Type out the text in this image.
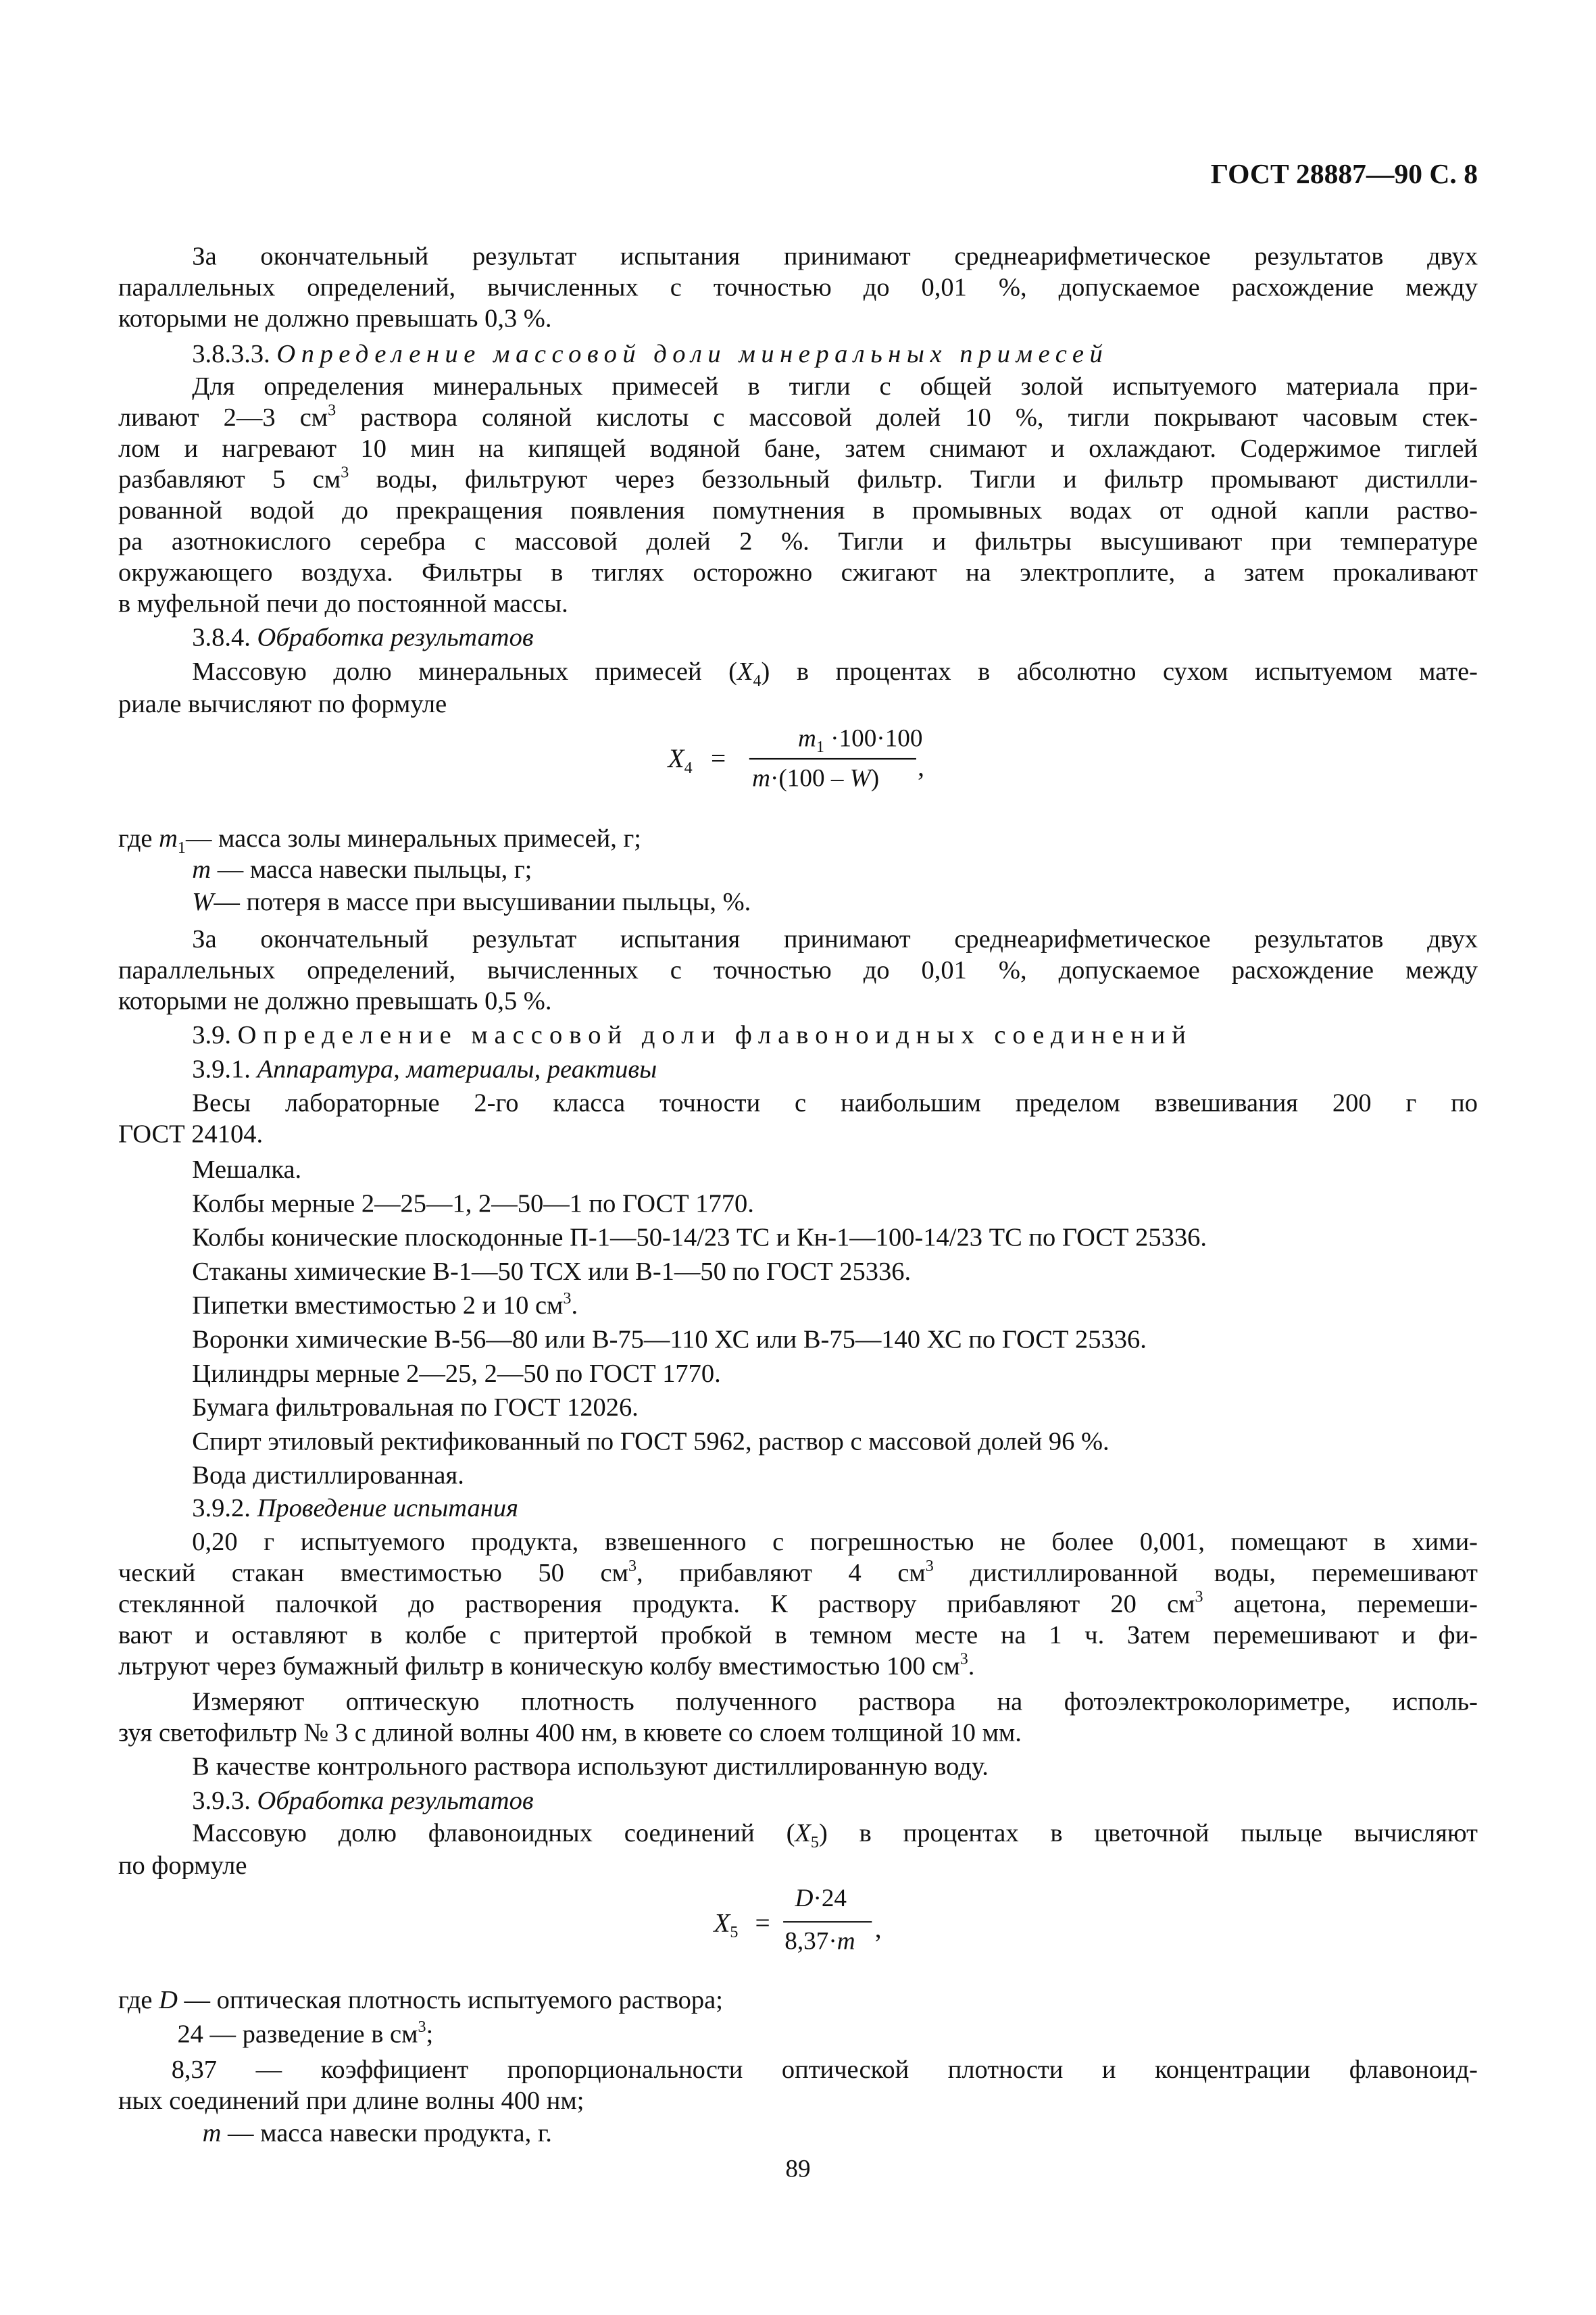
ГОСТ 28887—90 С. 8
За окончательный результат испытания принимают среднеарифметическое результатов двух
параллельных определений, вычисленных с точностью до 0,01 %, допускаемое расхождение между
которыми не должно превышать 0,3 %.
3.8.3.3. Определение массовой доли минеральных примесей
Для определения минеральных примесей в тигли с общей золой испытуемого материала при-
ливают 2—3 $см^3$ раствора соляной кислоты с массовой долей 10 %, тигли покрывают часовым стек-
лом и нагревают 10 мин на кипящей водяной бане, затем снимают и охлаждают. Содержимое тиглей
разбавляют 5 $см^3$ воды, фильтруют через беззольный фильтр. Тигли и фильтр промывают дистилли-
рованной водой до прекращения появления помутнения в промывных водах от одной капли раство-
ра азотнокислого серебра с массовой долей 2 %. Тигли и фильтры высушивают при температуре
окружающего воздуха. Фильтры в тиглях осторожно сжигают на электроплите, а затем прокаливают
в муфельной печи до постоянной массы.
3.8.4. Обработка результатов
Массовую долю минеральных примесей $(X_4)$ в процентах в абсолютно сухом испытуемом мате-
риале вычисляют по формуле
$X_4$ =
$m_1 \cdot 100\cdot 100$
m·(100 – W)	,
где $m_1—$ масса золы минеральных примесей, г;
m — масса навески пыльцы, г;
W— потеря в массе при высушивании пыльцы, %.
За окончательный результат испытания принимают среднеарифметическое результатов двух
параллельных определений, вычисленных с точностью до 0,01 %, допускаемое расхождение между
которыми не должно превышать 0,5 %.
3.9. Определение массовой доли флавоноидных соединений
3.9.1. Аппаратура, материалы, реактивы
Весы лабораторные 2-го класса точности с наибольшим пределом взвешивания 200 г по
ГОСТ 24104.
Мешалка.
Колбы мерные 2—25—1, 2—50—1 по ГОСТ 1770.
Колбы конические плоскодонные П-1—50-14/23 ТС и Кн-1—100-14/23 ТС по ГОСТ 25336.
Стаканы химические В-1—50 ТСХ или В-1—50 по ГОСТ 25336.
Пипетки вместимостью 2 и 10 $см^3$.
Воронки химические В-56—80 или В-75—110 ХС или В-75—140 ХС по ГОСТ 25336.
Цилиндры мерные 2—25, 2—50 по ГОСТ 1770.
Бумага фильтровальная по ГОСТ 12026.
Спирт этиловый ректификованный по ГОСТ 5962, раствор с массовой долей 96 %.
Вода дистиллированная.
3.9.2. Проведение испытания
0,20 г испытуемого продукта, взвешенного с погрешностью не более 0,001, помещают в хими-
ческий стакан вместимостью 50 $см^3$, прибавляют 4 $см^3$ дистиллированной воды, перемешивают
стеклянной палочкой до растворения продукта. К раствору прибавляют 20 $см^3$ ацетона, перемеши-
вают и оставляют в колбе с притертой пробкой в темном месте на 1 ч. Затем перемешивают и фи-
льтруют через бумажный фильтр в коническую колбу вместимостью 100 $см^3$.
Измеряют оптическую плотность полученного раствора на фотоэлектроколориметре, исполь-
зуя светофильтр № 3 с длиной волны 400 нм, в кювете со слоем толщиной 10 мм.
В качестве контрольного раствора используют дистиллированную воду.
3.9.3. Обработка результатов
Массовую долю флавоноидных соединений $(X_5)$ в процентах в цветочной пыльце вычисляют
по формуле
$X_5$ =
D·24
8,37·m ,
где D — оптическая плотность испытуемого раствора;
24 — разведение в $см^3$;
8,37 — коэффициент пропорциональности оптической плотности и концентрации флавоноид-
ных соединений при длине волны 400 нм;
m — масса навески продукта, г.
89
